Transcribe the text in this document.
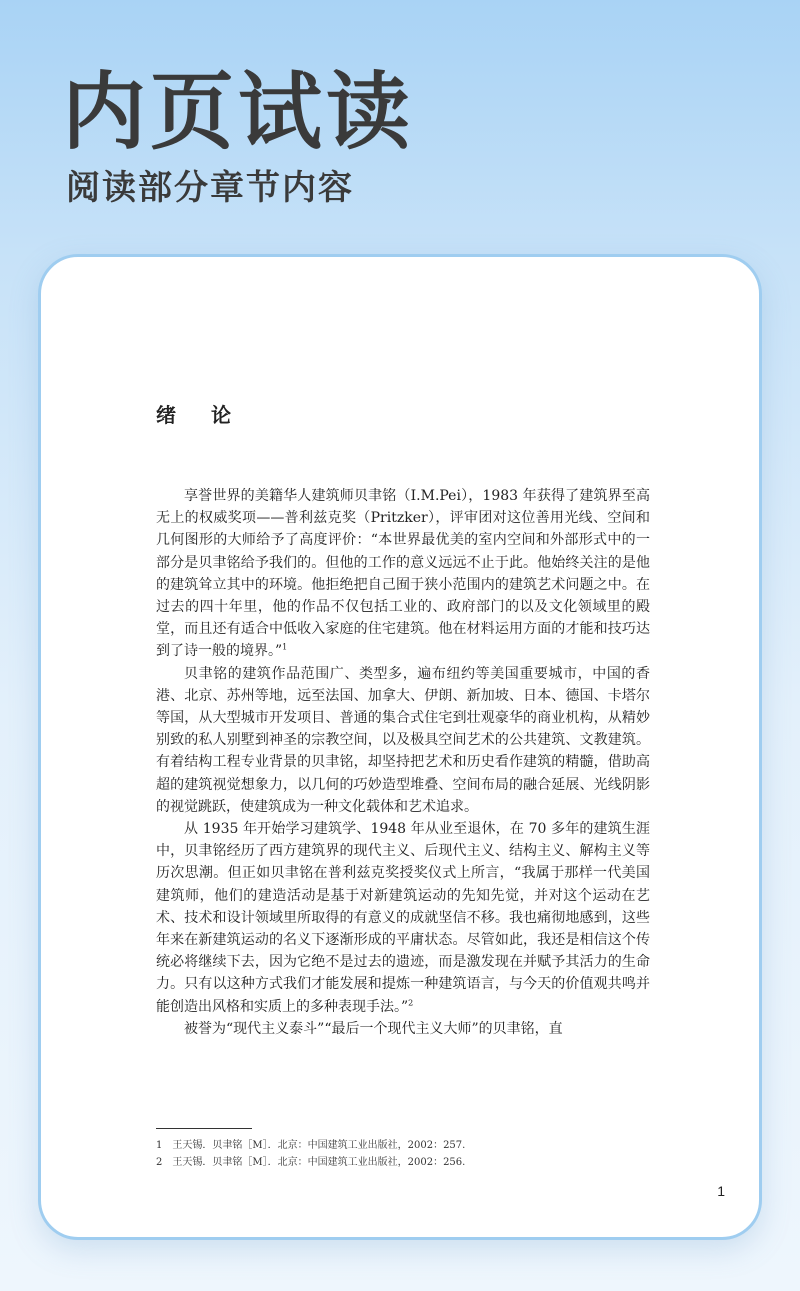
内页试读
阅读部分章节内容
绪 论

享誉世界的美籍华人建筑师贝聿铭（I.M.Pei），1983 年获得了建筑界至高无上的权威奖项——普利兹克奖（Pritzker），评审团对这位善用光线、空间和几何图形的大师给予了高度评价：“本世界最优美的室内空间和外部形式中的一部分是贝聿铭给予我们的。但他的工作的意义远远不止于此。他始终关注的是他的建筑耸立其中的环境。他拒绝把自己囿于狭小范围内的建筑艺术问题之中。在过去的四十年里，他的作品不仅包括工业的、政府部门的以及文化领域里的殿堂，而且还有适合中低收入家庭的住宅建筑。他在材料运用方面的才能和技巧达到了诗一般的境界。”$^1$

贝聿铭的建筑作品范围广、类型多，遍布纽约等美国重要城市，中国的香港、北京、苏州等地，远至法国、加拿大、伊朗、新加坡、日本、德国、卡塔尔等国，从大型城市开发项目、普通的集合式住宅到壮观豪华的商业机构，从精妙别致的私人别墅到神圣的宗教空间，以及极具空间艺术的公共建筑、文教建筑。有着结构工程专业背景的贝聿铭，却坚持把艺术和历史看作建筑的精髓，借助高超的建筑视觉想象力，以几何的巧妙造型堆叠、空间布局的融合延展、光线阴影的视觉跳跃，使建筑成为一种文化载体和艺术追求。

从 1935 年开始学习建筑学、1948 年从业至退休，在 70 多年的建筑生涯中，贝聿铭经历了西方建筑界的现代主义、后现代主义、结构主义、解构主义等历次思潮。但正如贝聿铭在普利兹克奖授奖仪式上所言，“我属于那样一代美国建筑师，他们的建造活动是基于对新建筑运动的先知先觉，并对这个运动在艺术、技术和设计领域里所取得的有意义的成就坚信不移。我也痛彻地感到，这些年来在新建筑运动的名义下逐渐形成的平庸状态。尽管如此，我还是相信这个传统必将继续下去，因为它绝不是过去的遗迹，而是激发现在并赋予其活力的生命力。只有以这种方式我们才能发展和提炼一种建筑语言，与今天的价值观共鸣并能创造出风格和实质上的多种表现手法。”$^2$

被誉为“现代主义泰斗”“最后一个现代主义大师”的贝聿铭，直

1 王天锡．贝聿铭［M］．北京：中国建筑工业出版社，2002：257.
2 王天锡．贝聿铭［M］．北京：中国建筑工业出版社，2002：256.
1
